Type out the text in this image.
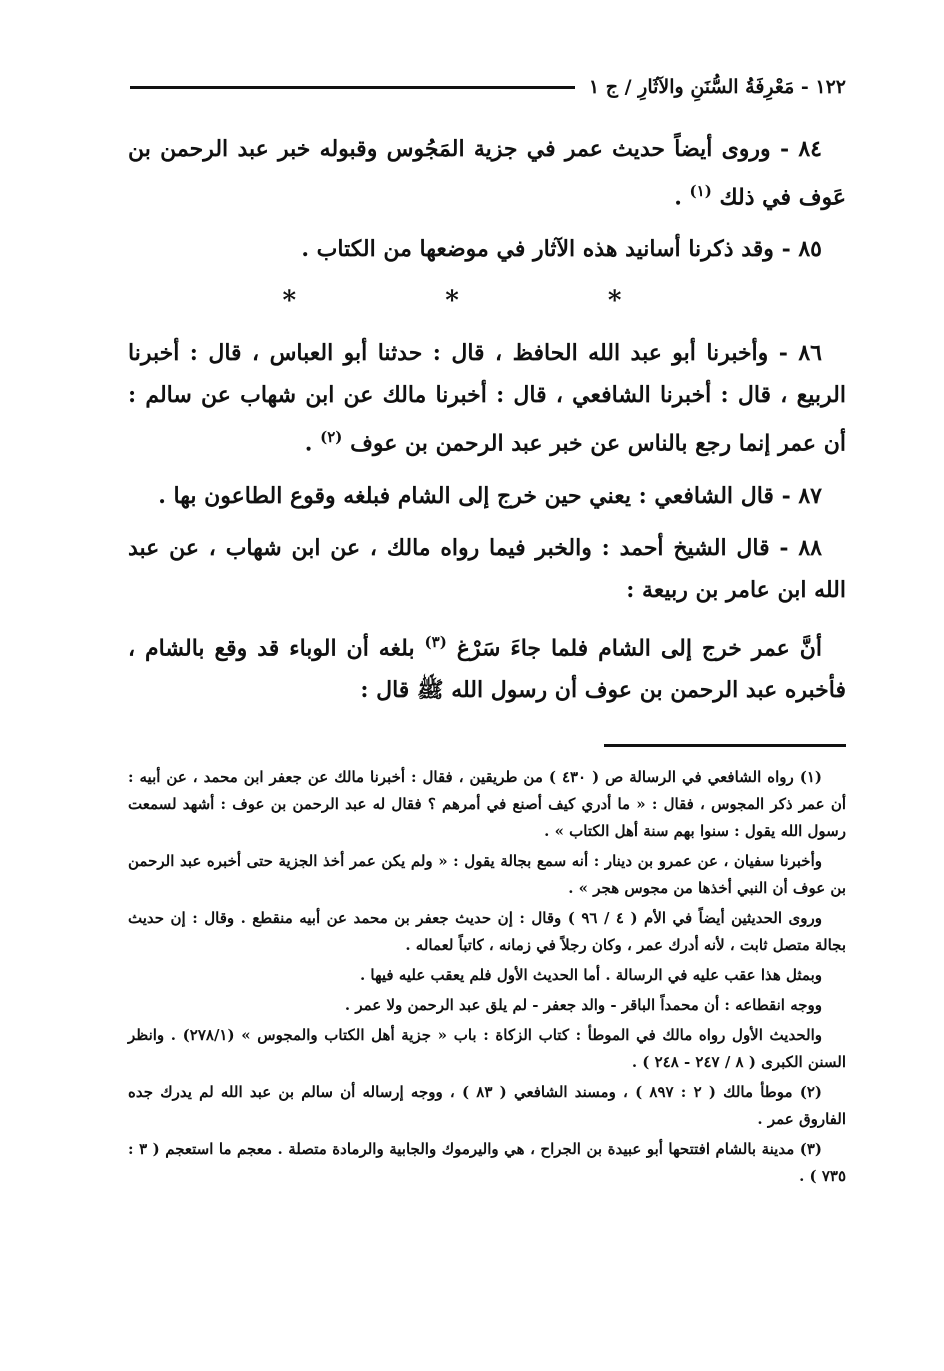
١٢٢ - مَعْرِفَةُ السُّنَنِ والآثَارِ / ج ١

٨٤ - وروى أيضاً حديث عمر في جزية المَجُوس وقبوله خبر عبد الرحمن بن عَوف في ذلك $^{(١)}$ .

٨٥ - وقد ذكرنا أسانيد هذه الآثار في موضعها من الكتاب .

* * *

٨٦ - وأخبرنا أبو عبد الله الحافظ ، قال : حدثنا أبو العباس ، قال : أخبرنا الربيع ، قال : أخبرنا الشافعي ، قال : أخبرنا مالك عن ابن شهاب عن سالم : أن عمر إنما رجع بالناس عن خبر عبد الرحمن بن عوف $^{(٢)}$ .

٨٧ - قال الشافعي : يعني حين خرج إلى الشام فبلغه وقوع الطاعون بها .

٨٨ - قال الشيخ أحمد : والخبر فيما رواه مالك ، عن ابن شهاب ، عن عبد الله ابن عامر بن ربيعة :

أنَّ عمر خرج إلى الشام فلما جاءَ سَرْغ $^{(٣)}$ بلغه أن الوباء قد وقع بالشام ، فأخبره عبد الرحمن بن عوف أن رسول الله ﷺ قال :

(١) رواه الشافعي في الرسالة ص ( ٤٣٠ ) من طريقين ، فقال : أخبرنا مالك عن جعفر ابن محمد ، عن أبيه : أن عمر ذكر المجوس ، فقال : « ما أدري كيف أصنع في أمرهم ؟ فقال له عبد الرحمن بن عوف : أشهد لسمعت رسول الله يقول : سنوا بهم سنة أهل الكتاب » .

وأخبرنا سفيان ، عن عمرو بن دينار : أنه سمع بجالة يقول : « ولم يكن عمر أخذ الجزية حتى أخبره عبد الرحمن بن عوف أن النبي أخذها من مجوس هجر » .

وروى الحديثين أيضاً في الأم ( ٤ / ٩٦ ) وقال : إن حديث جعفر بن محمد عن أبيه منقطع . وقال : إن حديث بجالة متصل ثابت ، لأنه أدرك عمر ، وكان رجلاً في زمانه ، كاتباً لعماله .

وبمثل هذا عقب عليه في الرسالة . أما الحديث الأول فلم يعقب عليه فيها .

ووجه انقطاعه : أن محمداً الباقر - والد جعفر - لم يلق عبد الرحمن ولا عمر .

والحديث الأول رواه مالك في الموطأ : كتاب الزكاة : باب « جزية أهل الكتاب والمجوس » (٢٧٨/١) . وانظر السنن الكبرى ( ٨ / ٢٤٧ - ٢٤٨ ) .

(٢) موطأ مالك ( ٢ : ٨٩٧ ) ، ومسند الشافعي ( ٨٣ ) ، ووجه إرساله أن سالم بن عبد الله لم يدرك جده الفاروق عمر .

(٣) مدينة بالشام افتتحها أبو عبيدة بن الجراح ، هي واليرموك والجابية والرمادة متصلة . معجم ما استعجم ( ٣ : ٧٣٥ ) .
